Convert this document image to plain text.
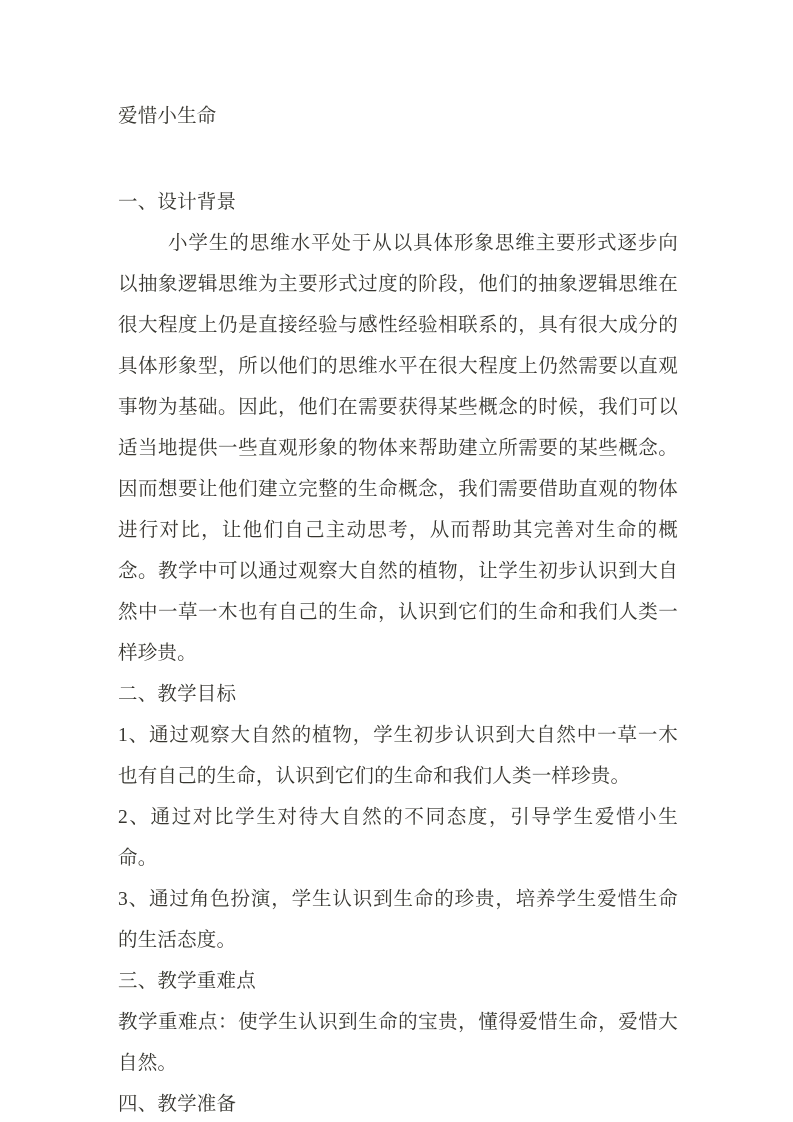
爱惜小生命
一、设计背景

小学生的思维水平处于从以具体形象思维主要形式逐步向以抽象逻辑思维为主要形式过度的阶段，他们的抽象逻辑思维在很大程度上仍是直接经验与感性经验相联系的，具有很大成分的具体形象型，所以他们的思维水平在很大程度上仍然需要以直观事物为基础。因此，他们在需要获得某些概念的时候，我们可以适当地提供一些直观形象的物体来帮助建立所需要的某些概念。因而想要让他们建立完整的生命概念，我们需要借助直观的物体进行对比，让他们自己主动思考，从而帮助其完善对生命的概念。教学中可以通过观察大自然的植物，让学生初步认识到大自然中一草一木也有自己的生命，认识到它们的生命和我们人类一样珍贵。

二、教学目标

1、通过观察大自然的植物，学生初步认识到大自然中一草一木也有自己的生命，认识到它们的生命和我们人类一样珍贵。

2、通过对比学生对待大自然的不同态度，引导学生爱惜小生命。

3、通过角色扮演，学生认识到生命的珍贵，培养学生爱惜生命的生活态度。

三、教学重难点

教学重难点：使学生认识到生命的宝贵，懂得爱惜生命，爱惜大自然。

四、教学准备
